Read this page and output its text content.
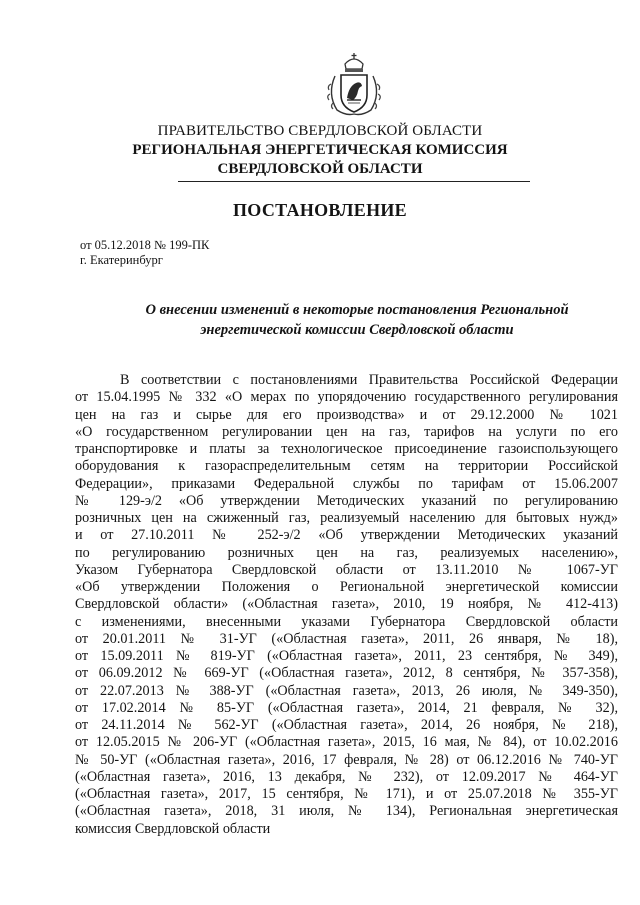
ПРАВИТЕЛЬСТВО СВЕРДЛОВСКОЙ ОБЛАСТИ
РЕГИОНАЛЬНАЯ ЭНЕРГЕТИЧЕСКАЯ КОМИССИЯ
СВЕРДЛОВСКОЙ ОБЛАСТИ
ПОСТАНОВЛЕНИЕ
от 05.12.2018 № 199-ПК
г. Екатеринбург
О внесении изменений в некоторые постановления Региональной
энергетической комиссии Свердловской области
В соответствии с постановлениями Правительства Российской Федерации
от 15.04.1995 № 332 «О мерах по упорядочению государственного регулирования
цен на газ и сырье для его производства» и от 29.12.2000 № 1021
«О государственном регулировании цен на газ, тарифов на услуги по его
транспортировке и платы за технологическое присоединение газоиспользующего
оборудования к газораспределительным сетям на территории Российской
Федерации», приказами Федеральной службы по тарифам от 15.06.2007
№ 129-э/2 «Об утверждении Методических указаний по регулированию
розничных цен на сжиженный газ, реализуемый населению для бытовых нужд»
и от 27.10.2011 № 252-э/2 «Об утверждении Методических указаний
по регулированию розничных цен на газ, реализуемых населению»,
Указом Губернатора Свердловской области от 13.11.2010 № 1067-УГ
«Об утверждении Положения о Региональной энергетической комиссии
Свердловской области» («Областная газета», 2010, 19 ноября, № 412-413)
с изменениями, внесенными указами Губернатора Свердловской области
от 20.01.2011 № 31-УГ («Областная газета», 2011, 26 января, № 18),
от 15.09.2011 № 819-УГ («Областная газета», 2011, 23 сентября, № 349),
от 06.09.2012 № 669-УГ («Областная газета», 2012, 8 сентября, № 357-358),
от 22.07.2013 № 388-УГ («Областная газета», 2013, 26 июля, № 349-350),
от 17.02.2014 № 85-УГ («Областная газета», 2014, 21 февраля, № 32),
от 24.11.2014 № 562-УГ («Областная газета», 2014, 26 ноября, № 218),
от 12.05.2015 № 206-УГ («Областная газета», 2015, 16 мая, № 84), от 10.02.2016
№ 50-УГ («Областная газета», 2016, 17 февраля, № 28) от 06.12.2016 № 740-УГ
(«Областная газета», 2016, 13 декабря, № 232), от 12.09.2017 № 464-УГ
(«Областная газета», 2017, 15 сентября, № 171), и от 25.07.2018 № 355-УГ
(«Областная газета», 2018, 31 июля, № 134), Региональная энергетическая
комиссия Свердловской области
